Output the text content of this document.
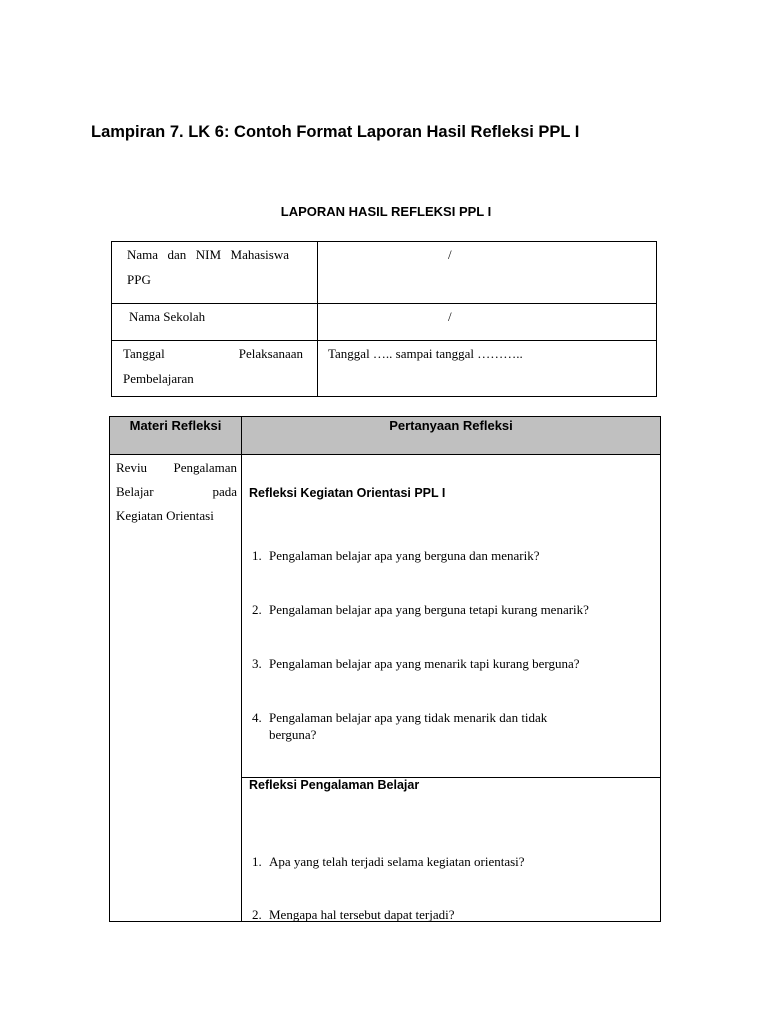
Lampiran 7. LK 6: Contoh Format Laporan Hasil Refleksi PPL I
LAPORAN HASIL REFLEKSI PPL I
Nama dan NIM Mahasiswa
PPG
/
Nama Sekolah	/
Tanggal Pelaksanaan
Pembelajaran
Tanggal ….. sampai tanggal ………..
Materi Refleksi	Pertanyaan Refleksi
Reviu Pengalaman
Belajar pada
Kegiatan Orientasi
Refleksi Kegiatan Orientasi PPL I
1. Pengalaman belajar apa yang berguna dan menarik?
2. Pengalaman belajar apa yang berguna tetapi kurang menarik?
3. Pengalaman belajar apa yang menarik tapi kurang berguna?
4. Pengalaman belajar apa yang tidak menarik dan tidak berguna?
Refleksi Pengalaman Belajar
1. Apa yang telah terjadi selama kegiatan orientasi?
2. Mengapa hal tersebut dapat terjadi?
